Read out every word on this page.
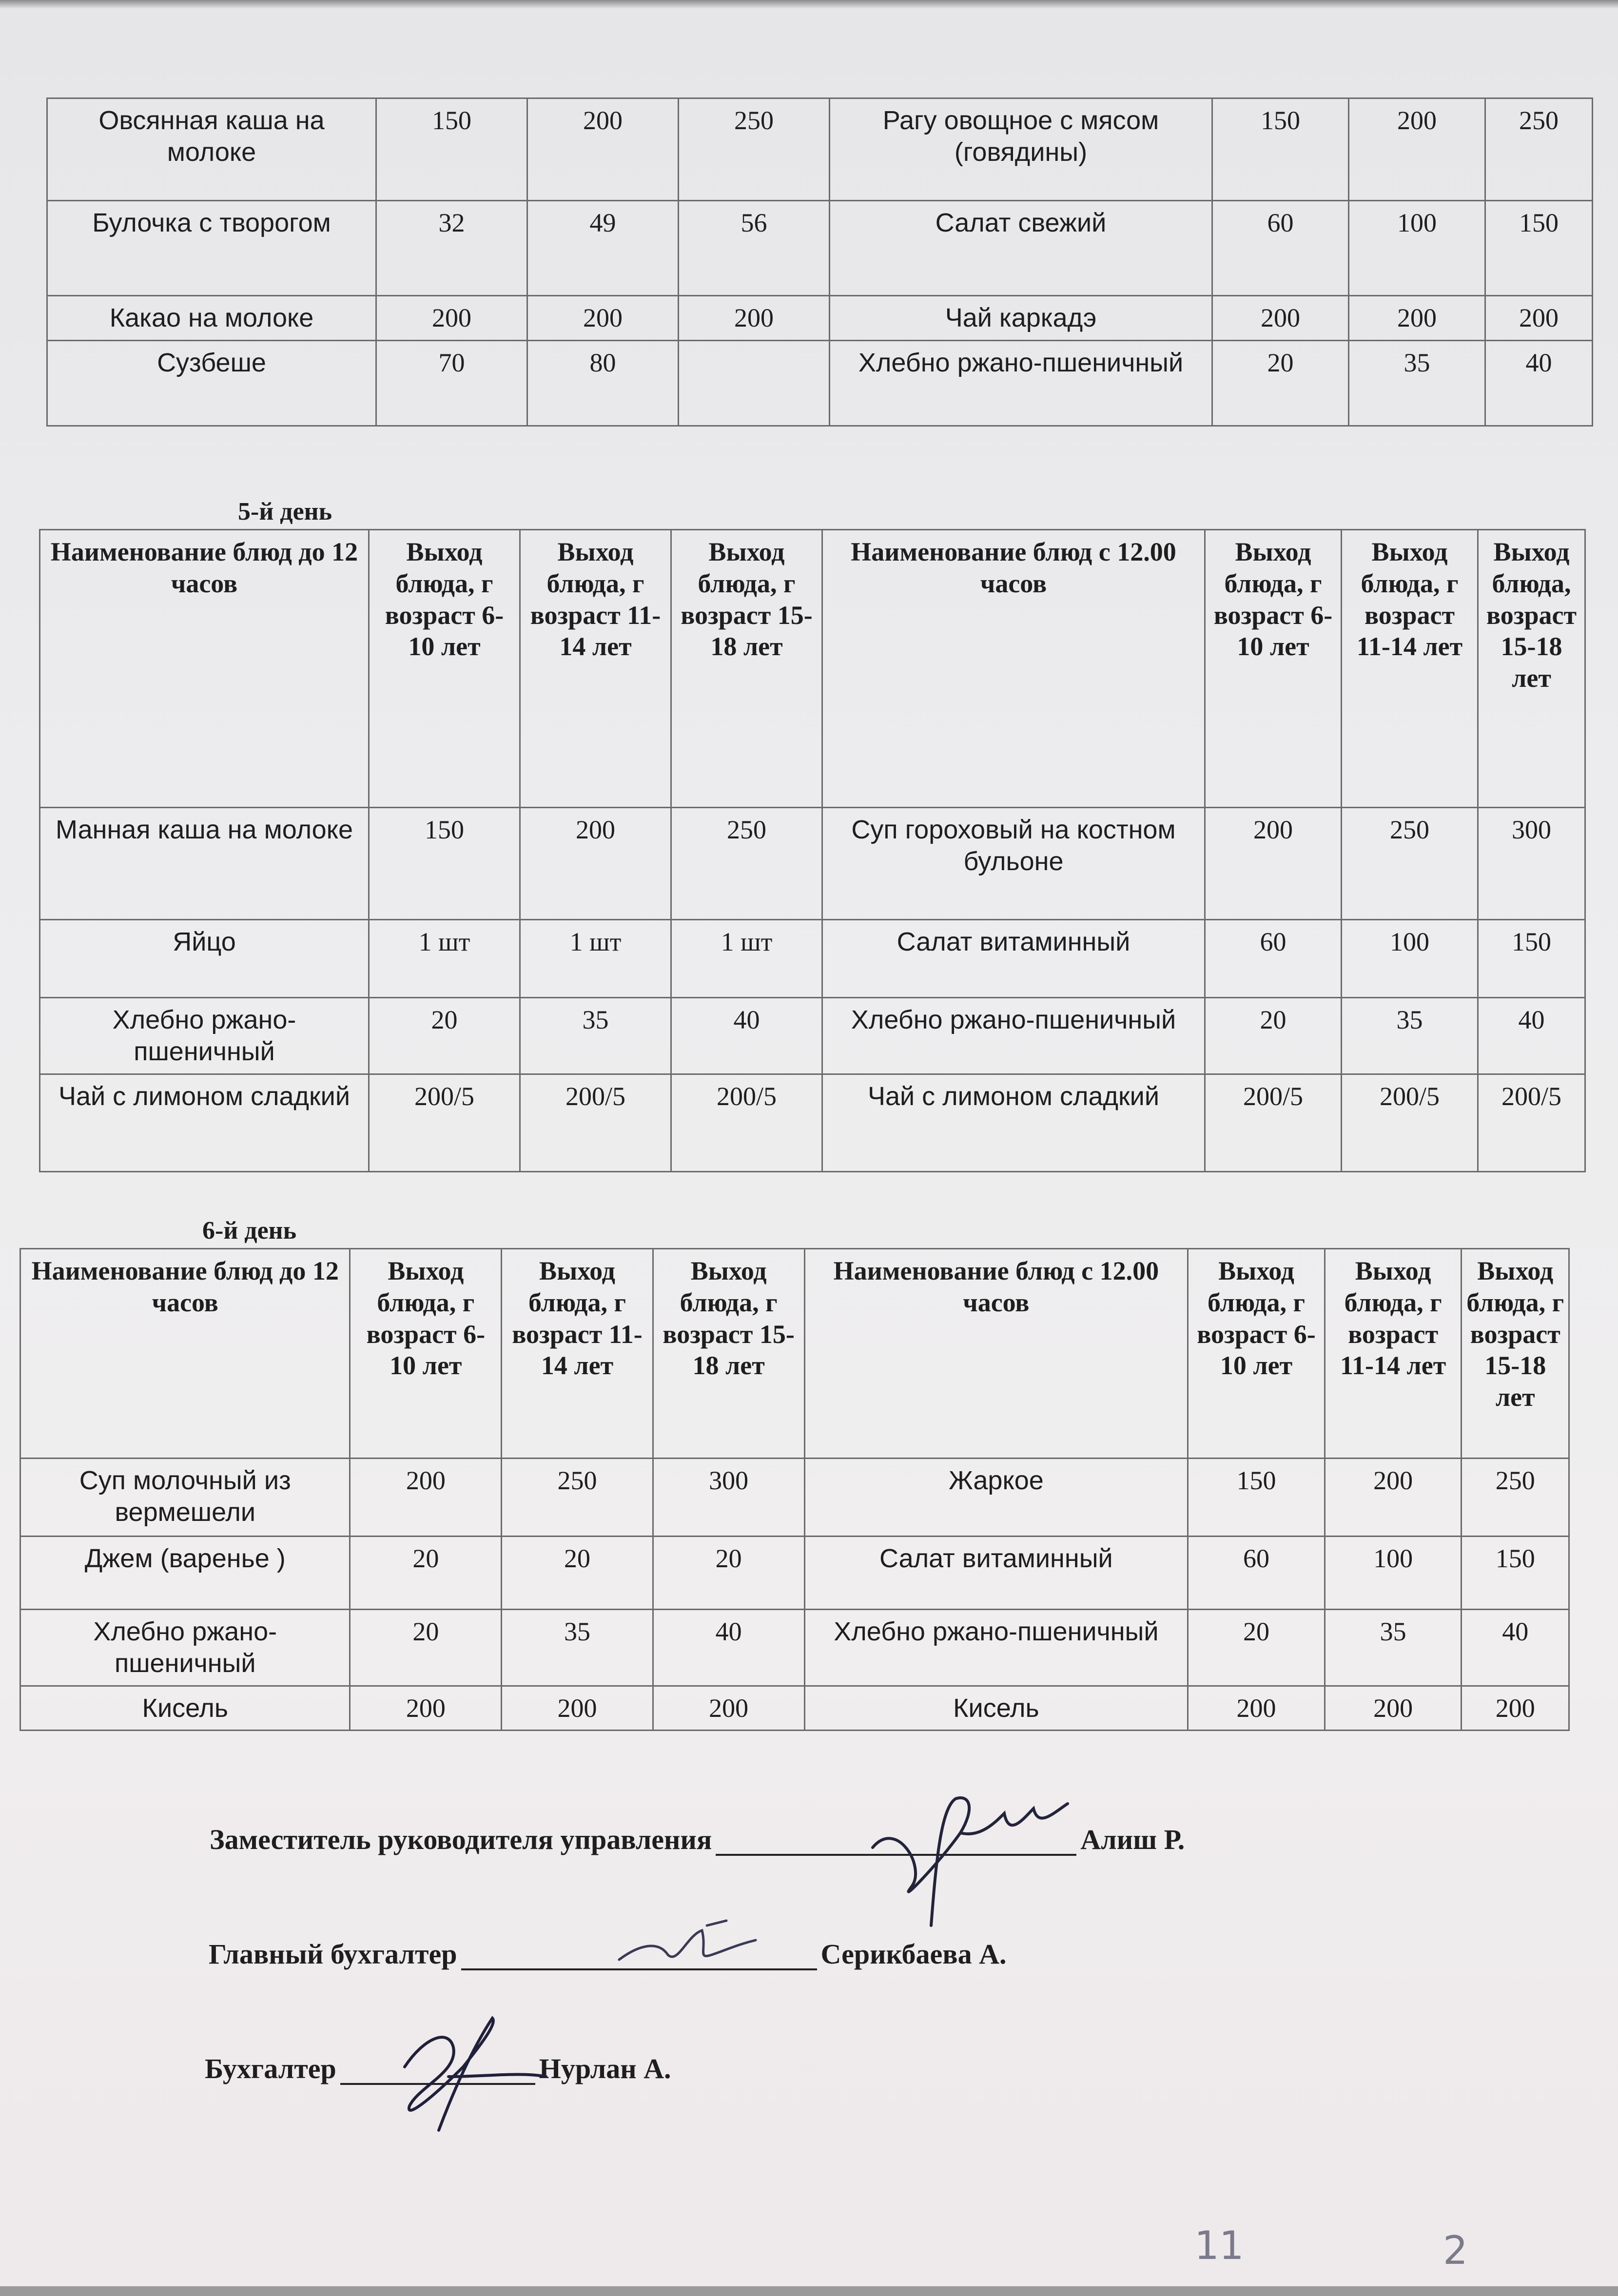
Овсянная каша на молоке	150	200	250	Рагу овощное с мясом (говядины)	150	200	250
Булочка с творогом	32	49	56	Салат свежий	60	100	150
Какао на молоке	200	200	200	Чай каркадэ	200	200	200
Сузбеше	70	80		Хлебно ржано-пшеничный	20	35	40
5-й день
Наименование блюд до 12 часов	Выход блюда, г возраст 6-10 лет	Выход блюда, г возраст 11-14 лет	Выход блюда, г возраст 15-18 лет	Наименование блюд с 12.00 часов	Выход блюда, г возраст 6-10 лет	Выход блюда, г возраст 11-14 лет	Выход блюда, возраст 15-18 лет
Манная каша на молоке	150	200	250	Суп гороховый на костном бульоне	200	250	300
Яйцо	1 шт	1 шт	1 шт	Салат витаминный	60	100	150
Хлебно ржано-пшеничный	20	35	40	Хлебно ржано-пшеничный	20	35	40
Чай с лимоном сладкий	200/5	200/5	200/5	Чай с лимоном сладкий	200/5	200/5	200/5
6-й день
Наименование блюд до 12 часов	Выход блюда, г возраст 6-10 лет	Выход блюда, г возраст 11-14 лет	Выход блюда, г возраст 15-18 лет	Наименование блюд с 12.00 часов	Выход блюда, г возраст 6-10 лет	Выход блюда, г возраст 11-14 лет	Выход блюда, г возраст 15-18 лет
Суп молочный из вермешели	200	250	300	Жаркое	150	200	250
Джем (варенье )	20	20	20	Салат витаминный	60	100	150
Хлебно ржано-пшеничный	20	35	40	Хлебно ржано-пшеничный	20	35	40
Кисель	200	200	200	Кисель	200	200	200
Заместитель руководителя управления	Алиш Р.
Главный бухгалтер	Серикбаева А.
Бухгалтер	Нурлан А.
11	2
